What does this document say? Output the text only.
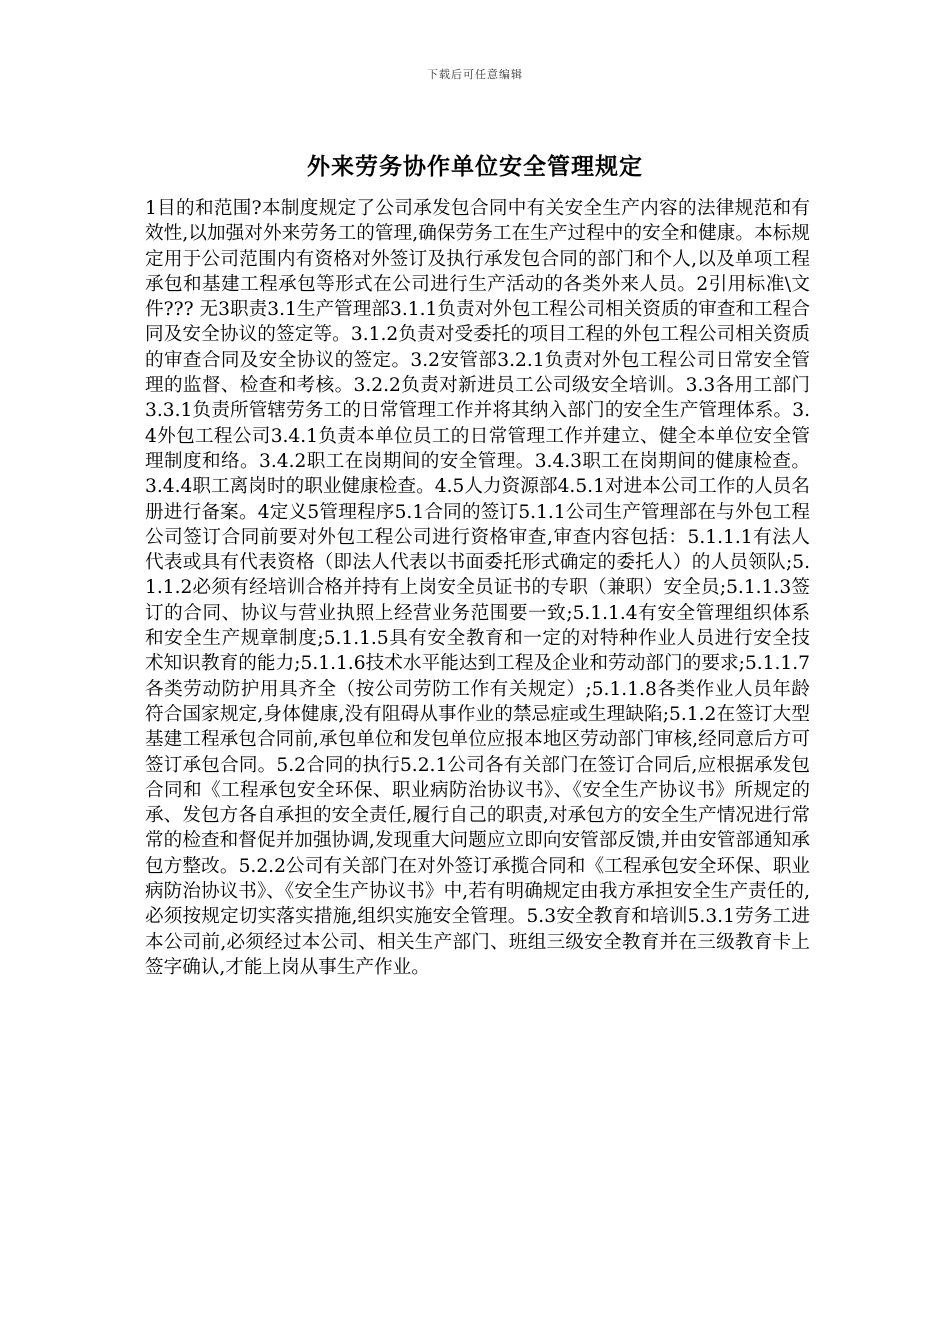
下载后可任意编辑
外来劳务协作单位安全管理规定

1目的和范围?本制度规定了公司承发包合同中有关安全生产内容的法律规范和有效性,以加强对外来劳务工的管理,确保劳务工在生产过程中的安全和健康。本标规定用于公司范围内有资格对外签订及执行承发包合同的部门和个人,以及单项工程承包和基建工程承包等形式在公司进行生产活动的各类外来人员。2引用标准\文件??? 无3职责3.1生产管理部3.1.1负责对外包工程公司相关资质的审查和工程合同及安全协议的签定等。3.1.2负责对受委托的项目工程的外包工程公司相关资质的审查合同及安全协议的签定。3.2安管部3.2.1负责对外包工程公司日常安全管理的监督、检查和考核。3.2.2负责对新进员工公司级安全培训。3.3各用工部门3.3.1负责所管辖劳务工的日常管理工作并将其纳入部门的安全生产管理体系。3.4外包工程公司3.4.1负责本单位员工的日常管理工作并建立、健全本单位安全管理制度和络。3.4.2职工在岗期间的安全管理。3.4.3职工在岗期间的健康检查。3.4.4职工离岗时的职业健康检查。4.5人力资源部4.5.1对进本公司工作的人员名册进行备案。4定义5管理程序5.1合同的签订5.1.1公司生产管理部在与外包工程公司签订合同前要对外包工程公司进行资格审查,审查内容包括：5.1.1.1有法人代表或具有代表资格（即法人代表以书面委托形式确定的委托人）的人员领队;5.1.1.2必须有经培训合格并持有上岗安全员证书的专职（兼职）安全员;5.1.1.3签订的合同、协议与营业执照上经营业务范围要一致;5.1.1.4有安全管理组织体系和安全生产规章制度;5.1.1.5具有安全教育和一定的对特种作业人员进行安全技术知识教育的能力;5.1.1.6技术水平能达到工程及企业和劳动部门的要求;5.1.1.7各类劳动防护用具齐全（按公司劳防工作有关规定）;5.1.1.8各类作业人员年龄符合国家规定,身体健康,没有阻碍从事作业的禁忌症或生理缺陷;5.1.2在签订大型基建工程承包合同前,承包单位和发包单位应报本地区劳动部门审核,经同意后方可签订承包合同。5.2合同的执行5.2.1公司各有关部门在签订合同后,应根据承发包合同和《工程承包安全环保、职业病防治协议书》、《安全生产协议书》所规定的承、发包方各自承担的安全责任,履行自己的职责,对承包方的安全生产情况进行常常的检查和督促并加强协调,发现重大问题应立即向安管部反馈,并由安管部通知承包方整改。5.2.2公司有关部门在对外签订承揽合同和《工程承包安全环保、职业病防治协议书》、《安全生产协议书》中,若有明确规定由我方承担安全生产责任的,必须按规定切实落实措施,组织实施安全管理。5.3安全教育和培训5.3.1劳务工进本公司前,必须经过本公司、相关生产部门、班组三级安全教育并在三级教育卡上签字确认,才能上岗从事生产作业。
